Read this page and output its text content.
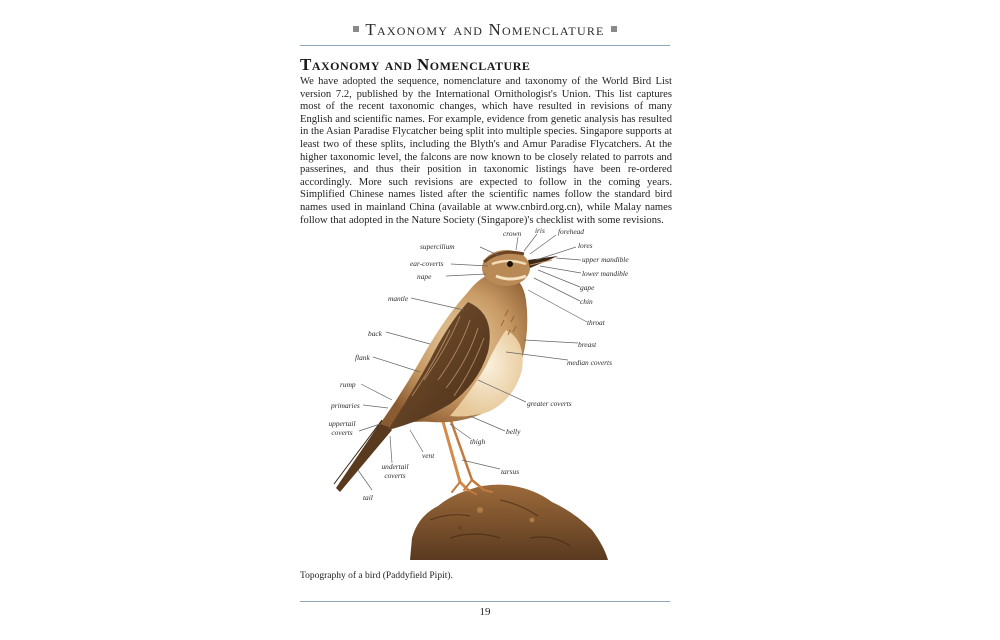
Taxonomy and Nomenclature
Taxonomy and Nomenclature
We have adopted the sequence, nomenclature and taxonomy of the World Bird List version 7.2, published by the International Ornithologist's Union. This list captures most of the recent taxonomic changes, which have resulted in revisions of many English and scientific names. For example, evidence from genetic analysis has resulted in the Asian Paradise Flycatcher being split into multiple species. Singapore supports at least two of these splits, including the Blyth's and Amur Paradise Flycatchers. At the higher taxonomic level, the falcons are now known to be closely related to parrots and passerines, and thus their position in taxonomic listings have been re-ordered accordingly. More such revisions are expected to follow in the coming years. Simplified Chinese names listed after the scientific names follow the standard bird names used in mainland China (available at www.cnbird.org.cn), while Malay names follow that adopted in the Nature Society (Singapore)'s checklist with some revisions.
crown iris forehead
supercilium	lores
ear-coverts	upper mandible
nape	lower mandible
gape
mantle	chin
throat
back
breast
flank
median coverts
rump
greater coverts
primaries
uppertail coverts	belly
thigh
vent
undertail coverts	tarsus
tail
Topography of a bird (Paddyfield Pipit).
19
